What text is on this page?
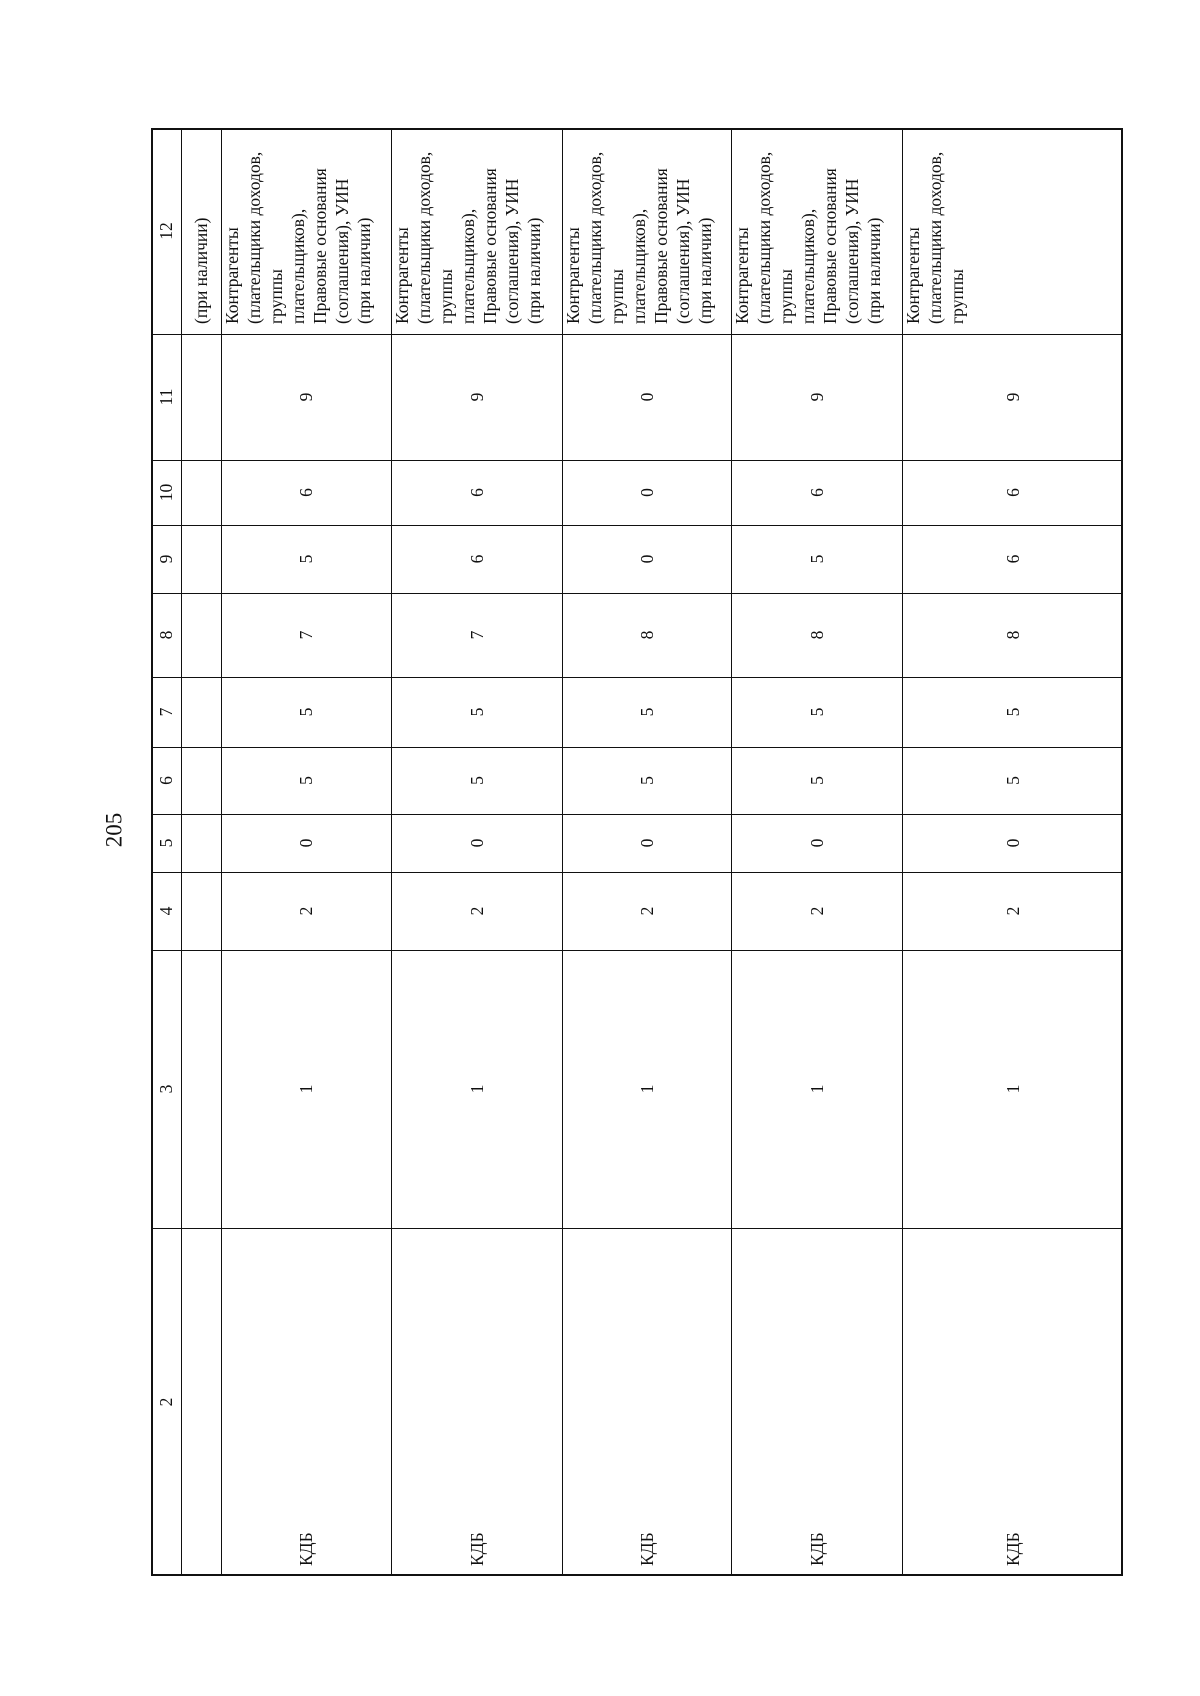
205
2
3
4
5
6
7
8
9
10
11
12 (при наличии)
КДБ
1
2
0
5
5
7
5
6
9
Контрагенты
(плательщики доходов,
группы
плательщиков),
Правовые основания
(соглашения), УИН
(при наличии)
КДБ
1
2
0
5
5
7
6
6
9
Контрагенты
(плательщики доходов,
группы
плательщиков),
Правовые основания
(соглашения), УИН
(при наличии)
КДБ
1
2
0
5
5
8
0
0
0
Контрагенты
(плательщики доходов,
группы
плательщиков),
Правовые основания
(соглашения), УИН
(при наличии)
КДБ
1
2
0
5
5
8
5
6
9
Контрагенты
(плательщики доходов,
группы
плательщиков),
Правовые основания
(соглашения), УИН
(при наличии)
КДБ
1
2
0
5
5
8
6
6
9
Контрагенты
(плательщики доходов,
группы
